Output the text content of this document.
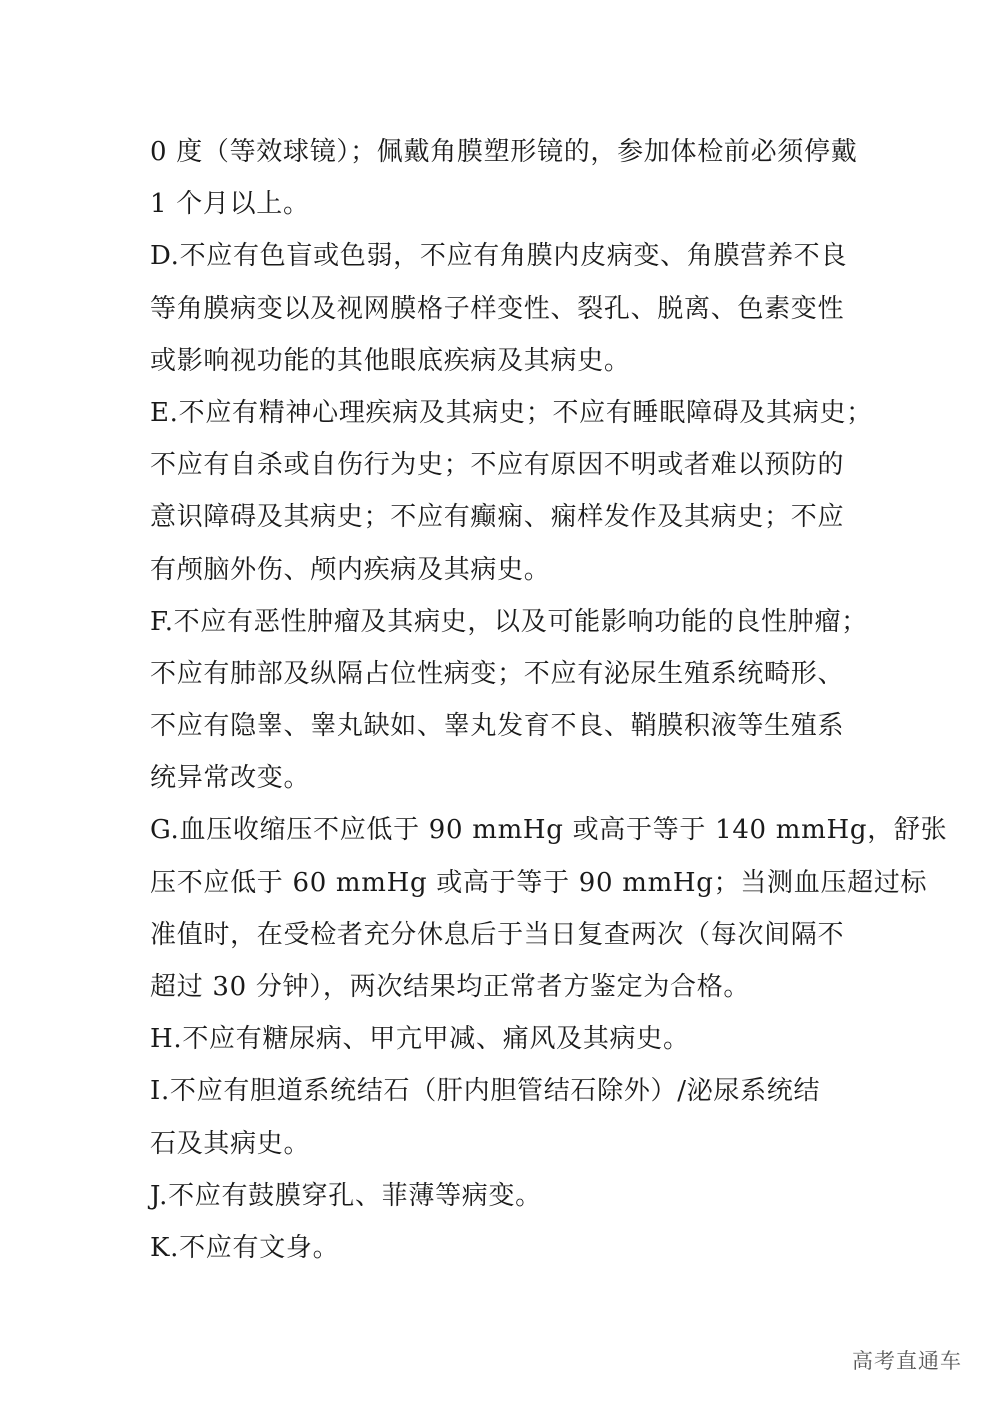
0 度（等效球镜）；佩戴角膜塑形镜的，参加体检前必须停戴
1 个月以上。
D.不应有色盲或色弱，不应有角膜内皮病变、角膜营养不良
等角膜病变以及视网膜格子样变性、裂孔、脱离、色素变性
或影响视功能的其他眼底疾病及其病史。
E.不应有精神心理疾病及其病史；不应有睡眠障碍及其病史；
不应有自杀或自伤行为史；不应有原因不明或者难以预防的
意识障碍及其病史；不应有癫痫、痫样发作及其病史；不应
有颅脑外伤、颅内疾病及其病史。
F.不应有恶性肿瘤及其病史，以及可能影响功能的良性肿瘤；
不应有肺部及纵隔占位性病变；不应有泌尿生殖系统畸形、
不应有隐睾、睾丸缺如、睾丸发育不良、鞘膜积液等生殖系
统异常改变。
G.血压收缩压不应低于 90 mmHg 或高于等于 140 mmHg，舒张
压不应低于 60 mmHg 或高于等于 90 mmHg；当测血压超过标
准值时，在受检者充分休息后于当日复查两次（每次间隔不
超过 30 分钟），两次结果均正常者方鉴定为合格。
H.不应有糖尿病、甲亢甲减、痛风及其病史。
I.不应有胆道系统结石（肝内胆管结石除外）/泌尿系统结
石及其病史。
J.不应有鼓膜穿孔、菲薄等病变。
K.不应有文身。
高考直通车
